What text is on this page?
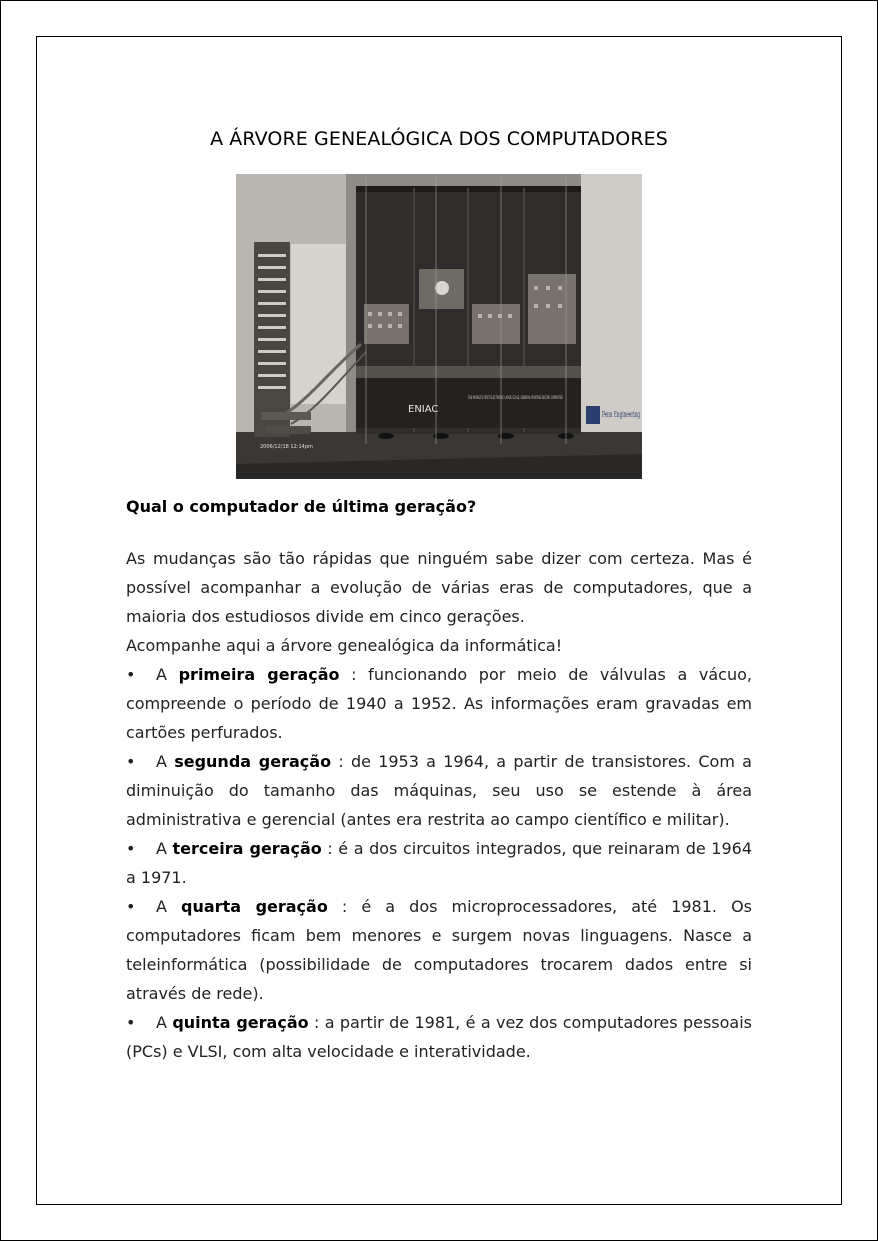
A ÁRVORE GENEALÓGICA DOS COMPUTADORES
ENIAC
THE WORLD'S FIRST ELECTRONIC LARGE SCALE, GENERAL-PURPOSE DIGITAL COMPUTER
Penn Engineering
2006/12/18 12:14pm
Qual o computador de última geração?

As mudanças são tão rápidas que ninguém sabe dizer com certeza. Mas é possível acompanhar a evolução de várias eras de computadores, que a maioria dos estudiosos divide em cinco gerações.

Acompanhe aqui a árvore genealógica da informática!

• A primeira geração : funcionando por meio de válvulas a vácuo, compreende o período de 1940 a 1952. As informações eram gravadas em cartões perfurados.

• A segunda geração : de 1953 a 1964, a partir de transistores. Com a diminuição do tamanho das máquinas, seu uso se estende à área administrativa e gerencial (antes era restrita ao campo científico e militar).

• A terceira geração : é a dos circuitos integrados, que reinaram de 1964 a 1971.

• A quarta geração : é a dos microprocessadores, até 1981. Os computadores ficam bem menores e surgem novas linguagens. Nasce a teleinformática (possibilidade de computadores trocarem dados entre si através de rede).

• A quinta geração : a partir de 1981, é a vez dos computadores pessoais (PCs) e VLSI, com alta velocidade e interatividade.
